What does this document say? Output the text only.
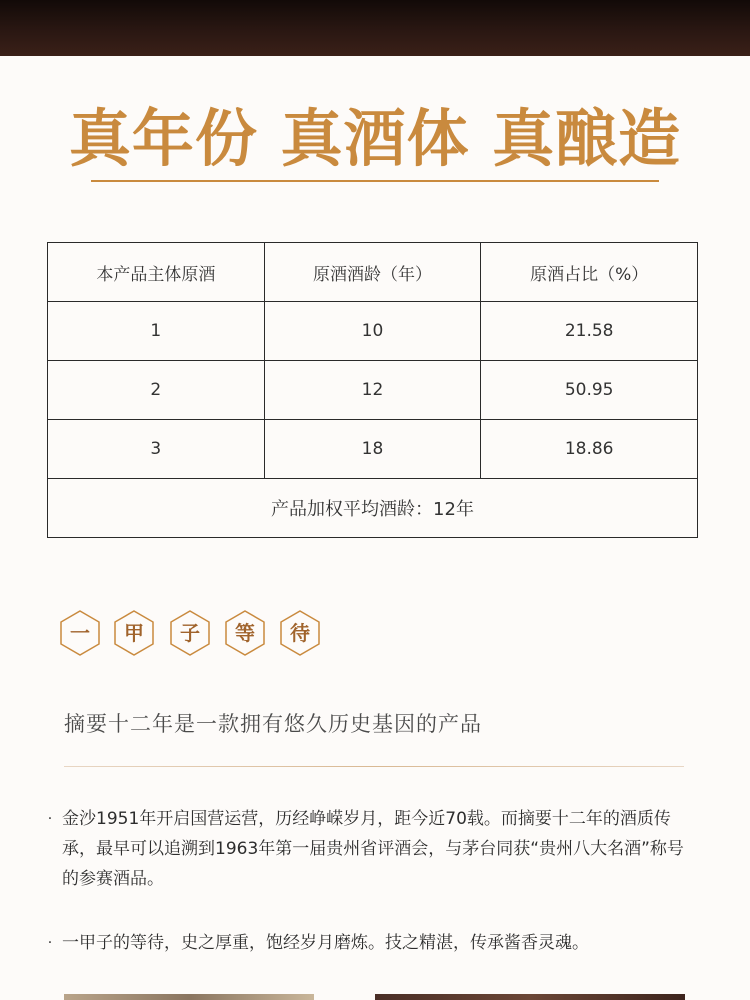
真年份 真酒体 真酿造
本产品主体原酒	原酒酒龄（年）	原酒占比（%）
1	10	21.58
2	12	50.95
3	18	18.86
产品加权平均酒龄：12年		
一	甲	子	等	待
摘要十二年是一款拥有悠久历史基因的产品
· 金沙1951年开启国营运营，历经峥嵘岁月，距今近70载。而摘要十二年的酒质传承，最早可以追溯到1963年第一届贵州省评酒会，与茅台同获“贵州八大名酒”称号的参赛酒品。
· 一甲子的等待，史之厚重，饱经岁月磨炼。技之精湛，传承酱香灵魂。
